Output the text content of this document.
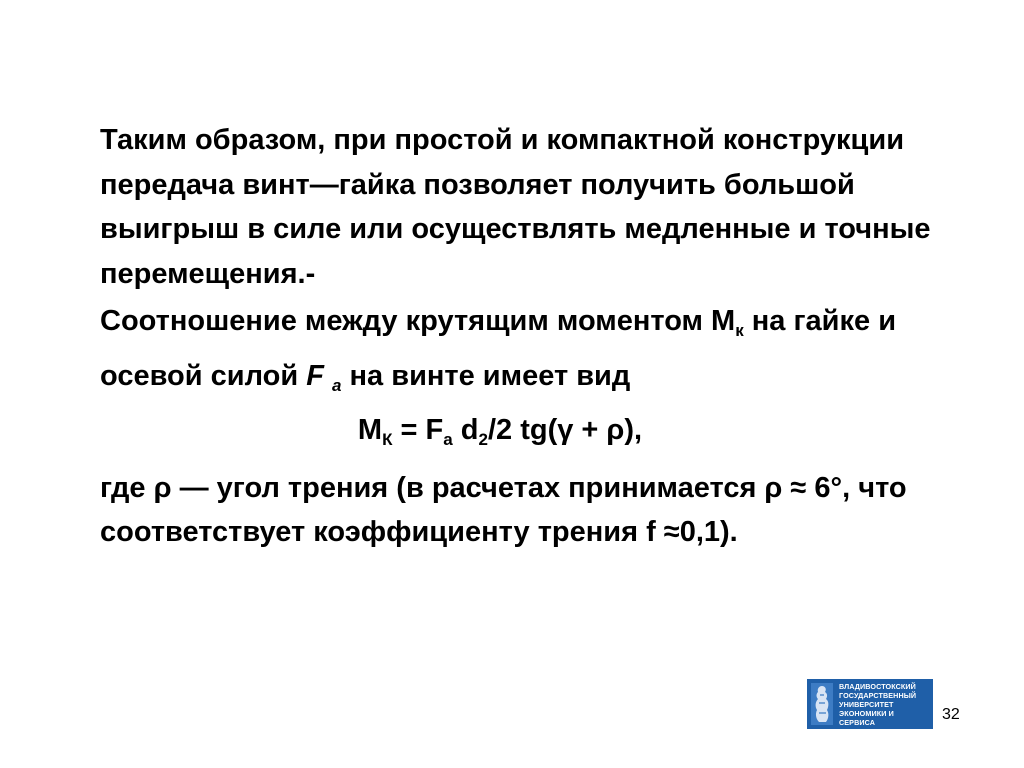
Таким образом, при простой и компактной конструкции передача винт—гайка позволяет получить большой выигрыш в силе или осуществлять медленные и точные перемещения.-

Соотношение между крутящим моментом $М_к$ на гайке и осевой силой F $_a$ на винте имеет вид

$М_К = F_a$ $d_2/2$ tg(γ + ρ),

где ρ — угол трения (в расчетах принимается ρ ≈ 6°, что соответствует коэффициенту трения f ≈0,1).

ВЛАДИВОСТОКСКИЙ
ГОСУДАРСТВЕННЫЙ
УНИВЕРСИТЕТ
ЭКОНОМИКИ И
СЕРВИСА	32
